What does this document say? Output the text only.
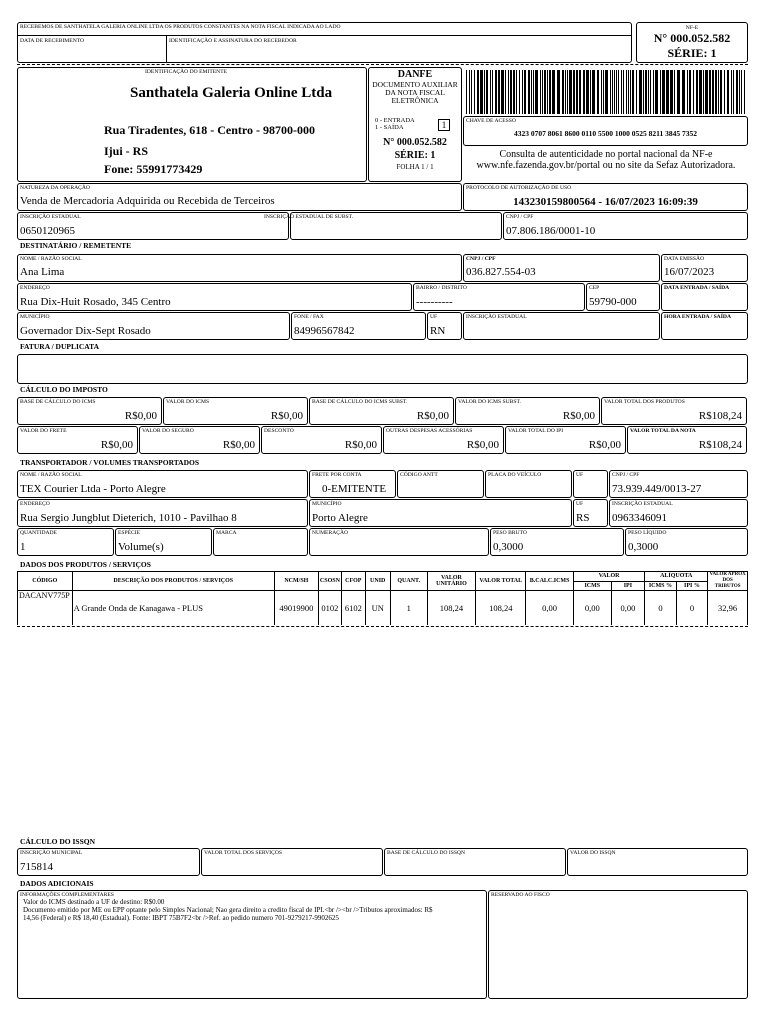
RECEBEMOS DE SANTHATELA GALERIA ONLINE LTDA OS PRODUTOS CONSTANTES NA NOTA FISCAL INDICADA AO LADO
DATA DE RECEBIMENTO	IDENTIFICAÇÃO E ASSINATURA DO RECEBEDOR
NF-E
N° 000.052.582
SÉRIE: 1
IDENTIFICAÇÃO DO EMITENTE
Santhatela Galeria Online Ltda
Rua Tiradentes, 618 - Centro - 98700-000
Ijui - RS
Fone: 55991773429
DANFE
DOCUMENTO AUXILIAR DA NOTA FISCAL ELETRÔNICA
0 - ENTRADA
1 - SAÍDA	1
N° 000.052.582
SÉRIE: 1
FOLHA 1 / 1
CHAVE DE ACESSO
4323 0707 8061 8600 0110 5500 1000 0525 8211 3845 7352
Consulta de autenticidade no portal nacional da NF-e www.nfe.fazenda.gov.br/portal ou no site da Sefaz Autorizadora.
NATUREZA DA OPERAÇÃO
Venda de Mercadoria Adquirida ou Recebida de Terceiros
PROTOCOLO DE AUTORIZAÇÃO DE USO
143230159800564 - 16/07/2023 16:09:39
INSCRIÇÃO ESTADUAL
0650120965
INSCRIÇÃO ESTADUAL DE SUBST.	CNPJ / CPF
07.806.186/0001-10
DESTINATÁRIO / REMETENTE
NOME / RAZÃO SOCIAL
Ana Lima
CNPJ / CPF
036.827.554-03
DATA EMISSÃO
16/07/2023
ENDEREÇO
Rua Dix-Huit Rosado, 345 Centro
BAIRRO / DISTRITO
----------
CEP
59790-000
DATA ENTRADA / SAÍDA
MUNICÍPIO
Governador Dix-Sept Rosado
FONE / FAX
84996567842
UF
RN
INSCRIÇÃO ESTADUAL	HORA ENTRADA / SAÍDA
FATURA / DUPLICATA
CÁLCULO DO IMPOSTO
BASE DE CÁLCULO DO ICMS
R$0,00
VALOR DO ICMS
R$0,00
BASE DE CÁLCULO DO ICMS SUBST.
R$0,00
VALOR DO ICMS SUBST.
R$0,00
VALOR TOTAL DOS PRODUTOS
R$108,24
VALOR DO FRETE
R$0,00
VALOR DO SEGURO
R$0,00
DESCONTO
R$0,00
OUTRAS DESPESAS ACESSÓRIAS
R$0,00
VALOR TOTAL DO IPI
R$0,00
VALOR TOTAL DA NOTA
R$108,24
TRANSPORTADOR / VOLUMES TRANSPORTADOS
NOME / RAZÃO SOCIAL
TEX Courier Ltda - Porto Alegre
FRETE POR CONTA
0-EMITENTE
CÓDIGO ANTT	PLACA DO VEÍCULO	UF	CNPJ / CPF
73.939.449/0013-27
ENDEREÇO
Rua Sergio Jungblut Dieterich, 1010 - Pavilhao 8
MUNICÍPIO
Porto Alegre
UF
RS
INSCRIÇÃO ESTADUAL
0963346091
QUANTIDADE
1
ESPÉCIE
Volume(s)
MARCA	NUMERAÇÃO	PESO BRUTO
0,3000
PESO LÍQUIDO
0,3000
DADOS DOS PRODUTOS / SERVIÇOS
CÓDIGO	DESCRIÇÃO DOS PRODUTOS / SERVIÇOS	NCM/SH	CSOSN	CFOP	UNID	QUANT.	VALOR UNITÁRIO	VALOR TOTAL	B.CALC.ICMS	VALOR		ALÍQUOTA		VALOR APROX DOS TRIBUTOS
										ICMS	IPI	ICMS %	IPI %	
DACANV775P	A Grande Onda de Kanagawa - PLUS	49019900	0102	6102	UN	1	108,24	108,24	0,00	0,00	0,00	0	0	32,96
CÁLCULO DO ISSQN
INSCRIÇÃO MUNICIPAL
715814
VALOR TOTAL DOS SERVIÇOS	BASE DE CÁLCULO DO ISSQN	VALOR DO ISSQN
DADOS ADICIONAIS
INFORMAÇÕES COMPLEMENTARES
Valor do ICMS destinado a UF de destino: R$0.00
Documento emitido por ME ou EPP optante pelo Simples Nacional; Nao gera direito a credito fiscal de IPI.<br /><br />Tributos aproximados: R$
14,56 (Federal) e R$ 18,40 (Estadual). Fonte: IBPT 75B7F2<br />Ref. ao pedido numero 701-9279217-9902625
RESERVADO AO FISCO
